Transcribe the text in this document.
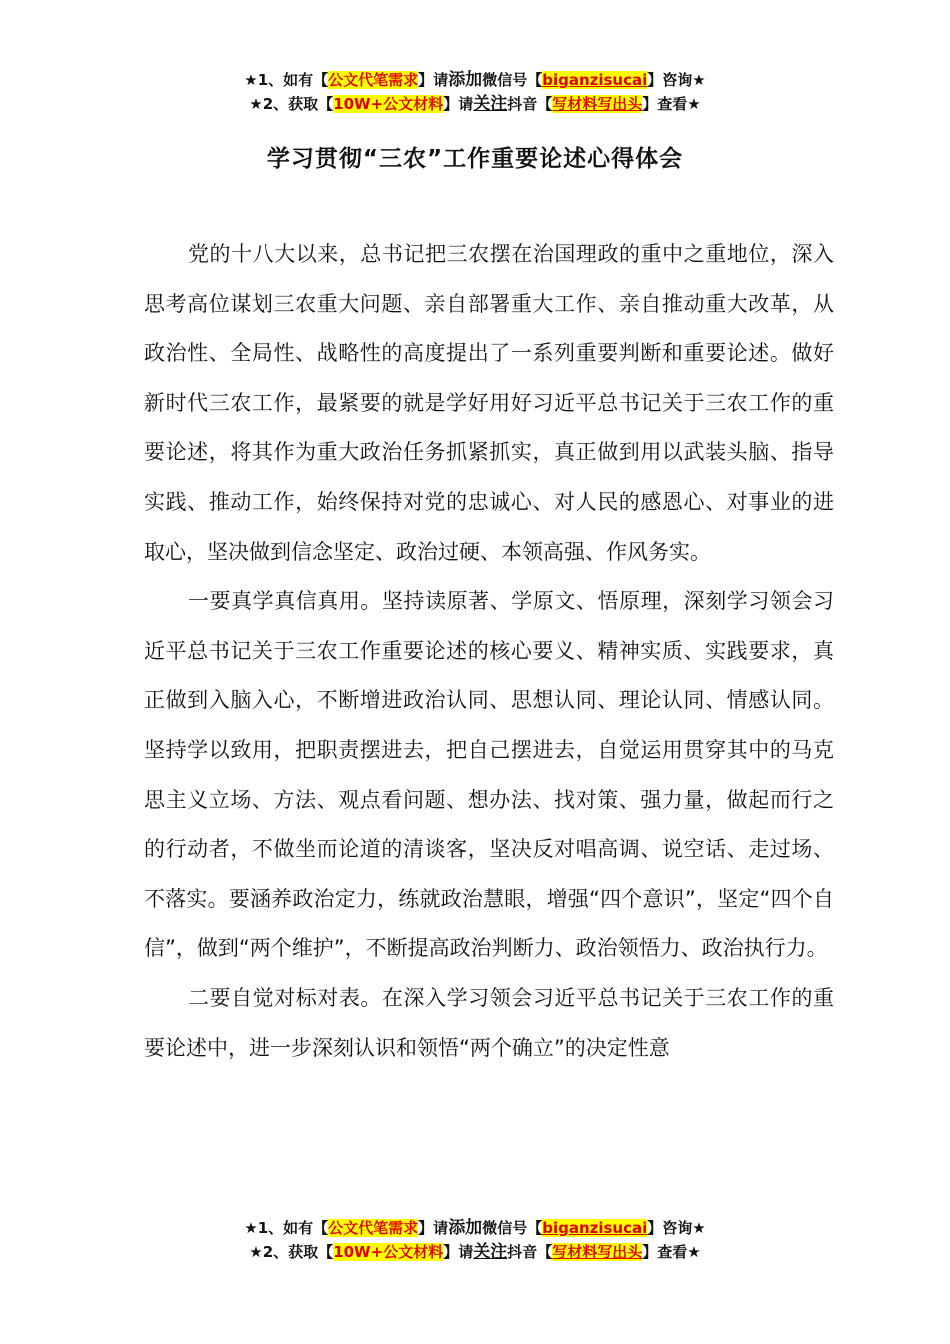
★1、如有【公文代笔需求】请添加微信号【biganzisucai】咨询★
★2、获取【10W+公文材料】请关注抖音【写材料写出头】查看★
学习贯彻“三农”工作重要论述心得体会

党的十八大以来，总书记把三农摆在治国理政的重中之重地位，深入思考高位谋划三农重大问题、亲自部署重大工作、亲自推动重大改革，从政治性、全局性、战略性的高度提出了一系列重要判断和重要论述。做好新时代三农工作，最紧要的就是学好用好习近平总书记关于三农工作的重要论述，将其作为重大政治任务抓紧抓实，真正做到用以武装头脑、指导实践、推动工作，始终保持对党的忠诚心、对人民的感恩心、对事业的进取心，坚决做到信念坚定、政治过硬、本领高强、作风务实。

一要真学真信真用。坚持读原著、学原文、悟原理，深刻学习领会习近平总书记关于三农工作重要论述的核心要义、精神实质、实践要求，真正做到入脑入心，不断增进政治认同、思想认同、理论认同、情感认同。坚持学以致用，把职责摆进去，把自己摆进去，自觉运用贯穿其中的马克思主义立场、方法、观点看问题、想办法、找对策、强力量，做起而行之的行动者，不做坐而论道的清谈客，坚决反对唱高调、说空话、走过场、不落实。要涵养政治定力，练就政治慧眼，增强“四个意识”，坚定“四个自信”，做到“两个维护”，不断提高政治判断力、政治领悟力、政治执行力。

二要自觉对标对表。在深入学习领会习近平总书记关于三农工作的重要论述中，进一步深刻认识和领悟“两个确立”的决定性意

★1、如有【公文代笔需求】请添加微信号【biganzisucai】咨询★
★2、获取【10W+公文材料】请关注抖音【写材料写出头】查看★
